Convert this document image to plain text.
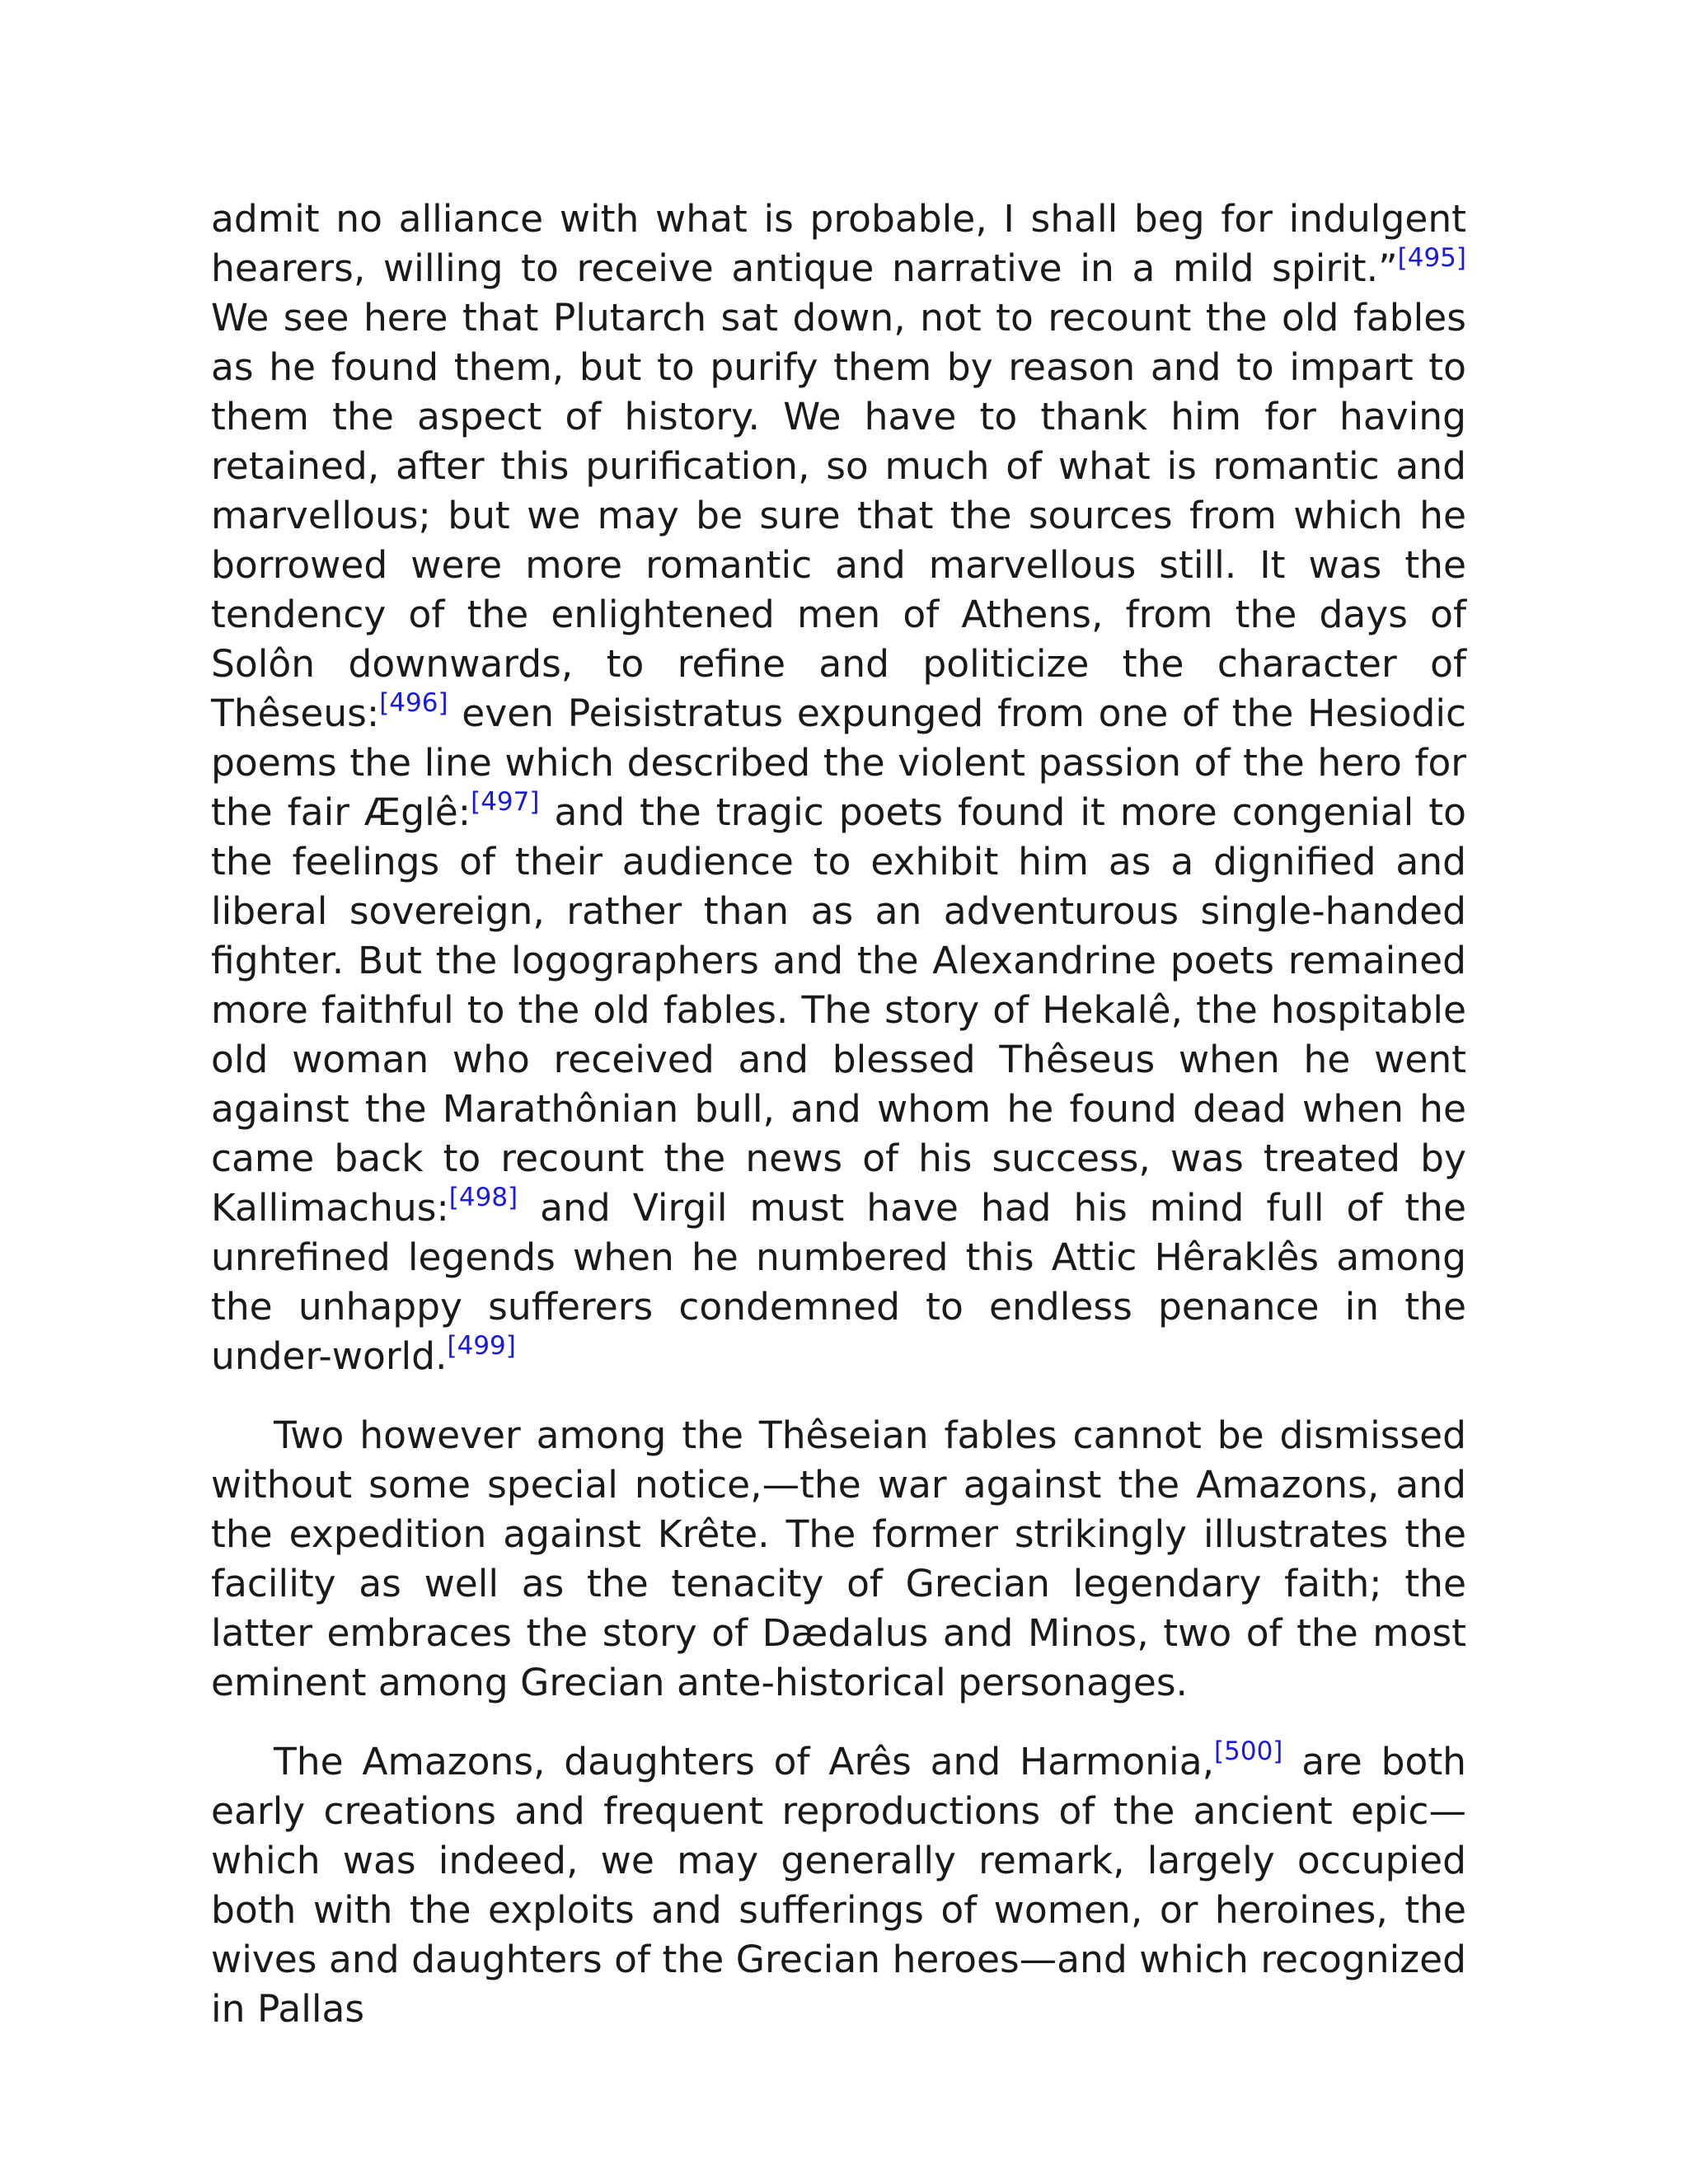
admit no alliance with what is probable, I shall beg for indulgent hearers, willing to receive antique narrative in a mild spirit.”[495] We see here that Plutarch sat down, not to recount the old fables as he found them, but to purify them by reason and to impart to them the aspect of history. We have to thank him for having retained, after this purification, so much of what is romantic and marvellous; but we may be sure that the sources from which he borrowed were more romantic and marvellous still. It was the tendency of the enlightened men of Athens, from the days of Solôn downwards, to refine and politicize the character of Thêseus:[496] even Peisistratus expunged from one of the Hesiodic poems the line which described the violent passion of the hero for the fair Æglê:[497] and the tragic poets found it more congenial to the feelings of their audience to exhibit him as a dignified and liberal sovereign, rather than as an adventurous single-handed fighter. But the logographers and the Alexandrine poets remained more faithful to the old fables. The story of Hekalê, the hospitable old woman who received and blessed Thêseus when he went against the Marathônian bull, and whom he found dead when he came back to recount the news of his success, was treated by Kallimachus:[498] and Virgil must have had his mind full of the unrefined legends when he numbered this Attic Hêraklês among the unhappy sufferers condemned to endless penance in the under-world.[499]

Two however among the Thêseian fables cannot be dismissed without some special notice,—the war against the Amazons, and the expedition against Krête. The former strikingly illustrates the facility as well as the tenacity of Grecian legendary faith; the latter embraces the story of Dædalus and Minos, two of the most eminent among Grecian ante-historical personages.

The Amazons, daughters of Arês and Harmonia,[500] are both early creations and frequent reproductions of the ancient epic—which was indeed, we may generally remark, largely occupied both with the exploits and sufferings of women, or heroines, the wives and daughters of the Grecian heroes—and which recognized in Pallas
